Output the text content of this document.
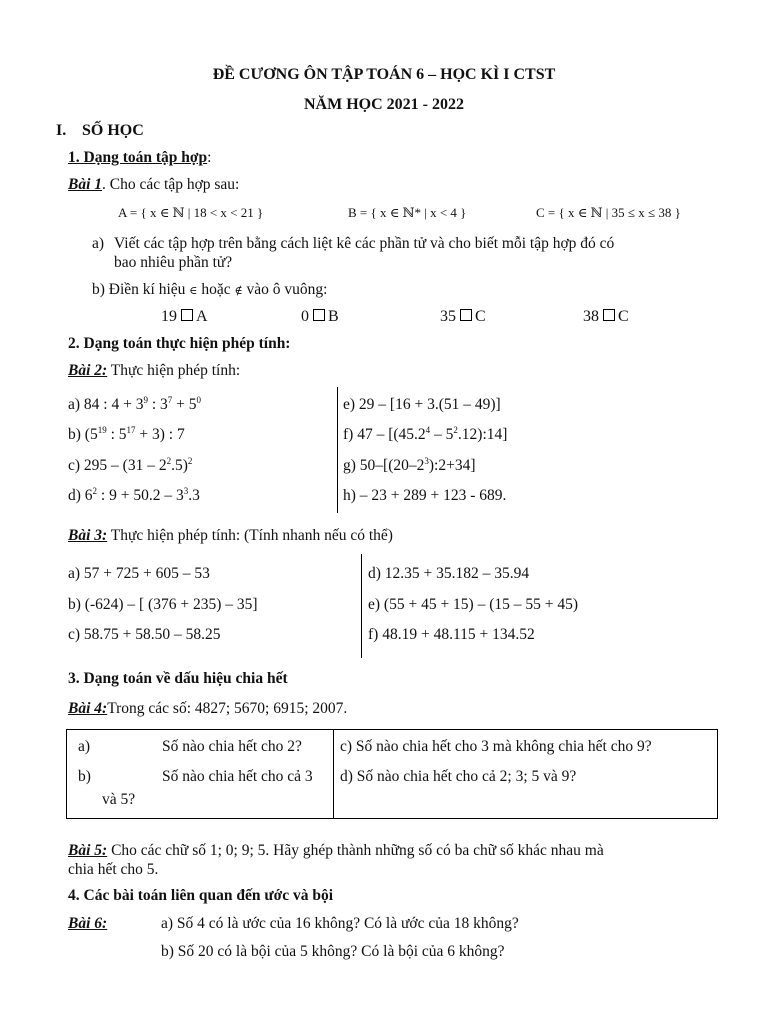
ĐỀ CƯƠNG ÔN TẬP TOÁN 6 – HỌC KÌ I CTST
NĂM HỌC 2021 - 2022
I. SỐ HỌC
1. Dạng toán tập hợp:
Bài 1. Cho các tập hợp sau:
A = { x ∈ ℕ | 18 < x < 21 }	B = { x ∈ ℕ* | x < 4 }	C = { x ∈ ℕ | 35 ≤ x ≤ 38 }
a) Viết các tập hợp trên bằng cách liệt kê các phần tử và cho biết mỗi tập hợp đó có
bao nhiêu phần tử?
b) Điền kí hiệu ∈ hoặc ∉ vào ô vuông:
19 A	0 B	35 C	38 C
2. Dạng toán thực hiện phép tính:
Bài 2: Thực hiện phép tính:
a) 84 : $4 + 3^9$ : $3^7 + 5^0$
b) ($5^{19}$ : $5^{17} + 3$) : 7
c) $295 - (31 - 2^2.5)^2$
d) $6^2$ : $9 + 50.2 - 3^3.3$
e) 29 – [16 + 3.(51 – 49)]
f) $47 - [(45.2^4 - 5^2.12):14]$
g) $50-[(20-2^3):2+34]$
h) – 23 + 289 + 123 - 689.
Bài 3: Thực hiện phép tính: (Tính nhanh nếu có thể)
a) 57 + 725 + 605 – 53
b) (-624) – [ (376 + 235) – 35]
c) 58.75 + 58.50 – 58.25
d) 12.35 + 35.182 – 35.94
e) (55 + 45 + 15) – (15 – 55 + 45)
f) 48.19 + 48.115 + 134.52
3. Dạng toán về dấu hiệu chia hết
Bài 4:Trong các số: 4827; 5670; 6915; 2007.
a)	Số nào chia hết cho 2?
b)	Số nào chia hết cho cả 3
và 5?
c) Số nào chia hết cho 3 mà không chia hết cho 9?
d) Số nào chia hết cho cả 2; 3; 5 và 9?
Bài 5: Cho các chữ số 1; 0; 9; 5. Hãy ghép thành những số có ba chữ số khác nhau mà
chia hết cho 5.
4. Các bài toán liên quan đến ước và bội
Bài 6:	a) Số 4 có là ước của 16 không? Có là ước của 18 không?
b) Số 20 có là bội của 5 không? Có là bội của 6 không?
